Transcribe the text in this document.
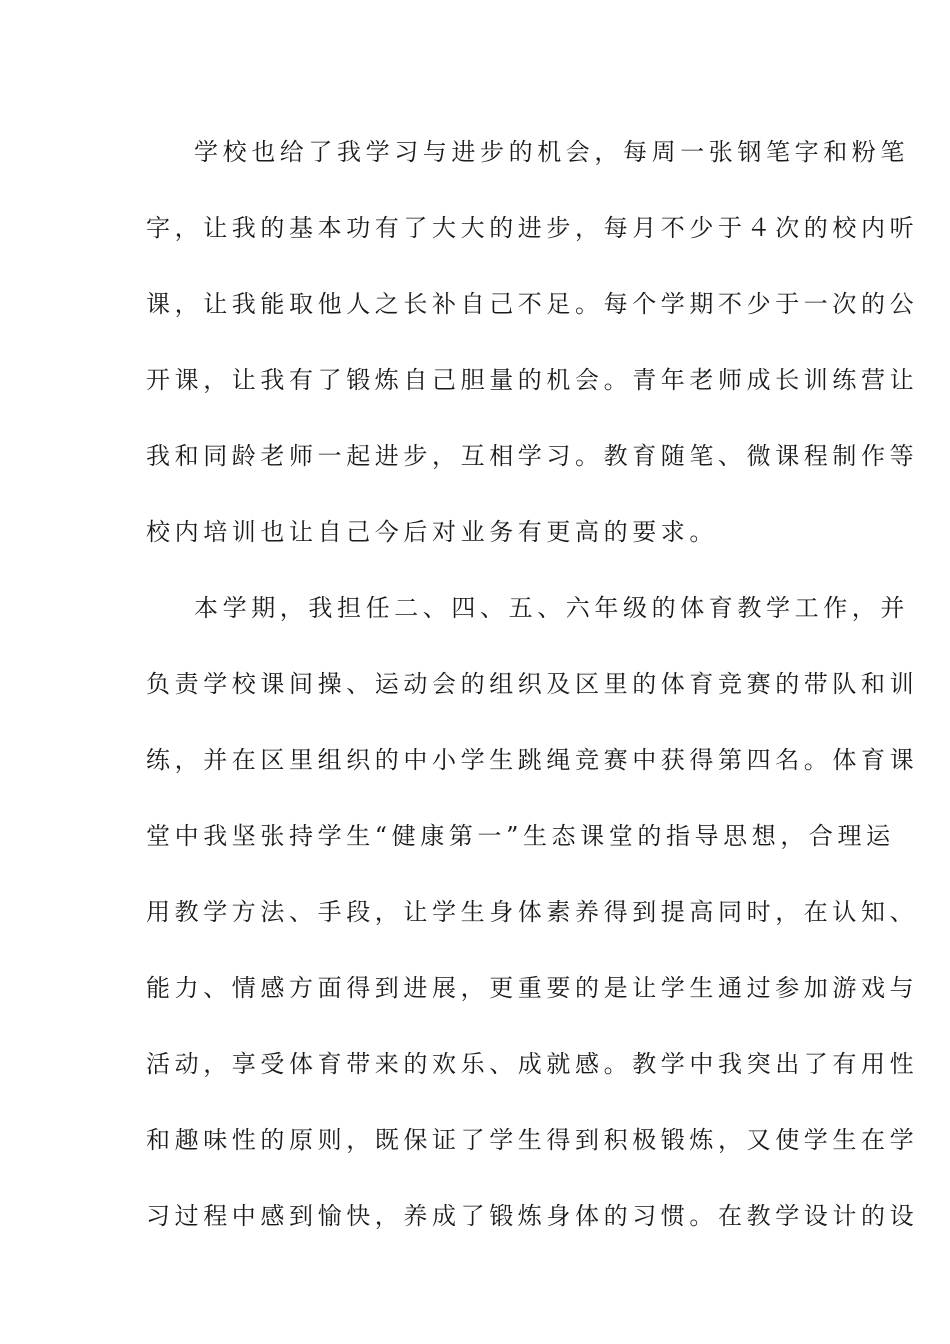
学校也给了我学习与进步的机会，每周一张钢笔字和粉笔
字，让我的基本功有了大大的进步，每月不少于４次的校内听
课，让我能取他人之长补自己不足。每个学期不少于一次的公
开课，让我有了锻炼自己胆量的机会。青年老师成长训练营让
我和同龄老师一起进步，互相学习。教育随笔、微课程制作等
校内培训也让自己今后对业务有更高的要求。
本学期，我担任二、四、五、六年级的体育教学工作，并
负责学校课间操、运动会的组织及区里的体育竞赛的带队和训
练，并在区里组织的中小学生跳绳竞赛中获得第四名。体育课
堂中我坚张持学生“健康第一”生态课堂的指导思想，合理运
用教学方法、手段，让学生身体素养得到提高同时，在认知、
能力、情感方面得到进展，更重要的是让学生通过参加游戏与
活动，享受体育带来的欢乐、成就感。教学中我突出了有用性
和趣味性的原则，既保证了学生得到积极锻炼，又使学生在学
习过程中感到愉快，养成了锻炼身体的习惯。在教学设计的设
